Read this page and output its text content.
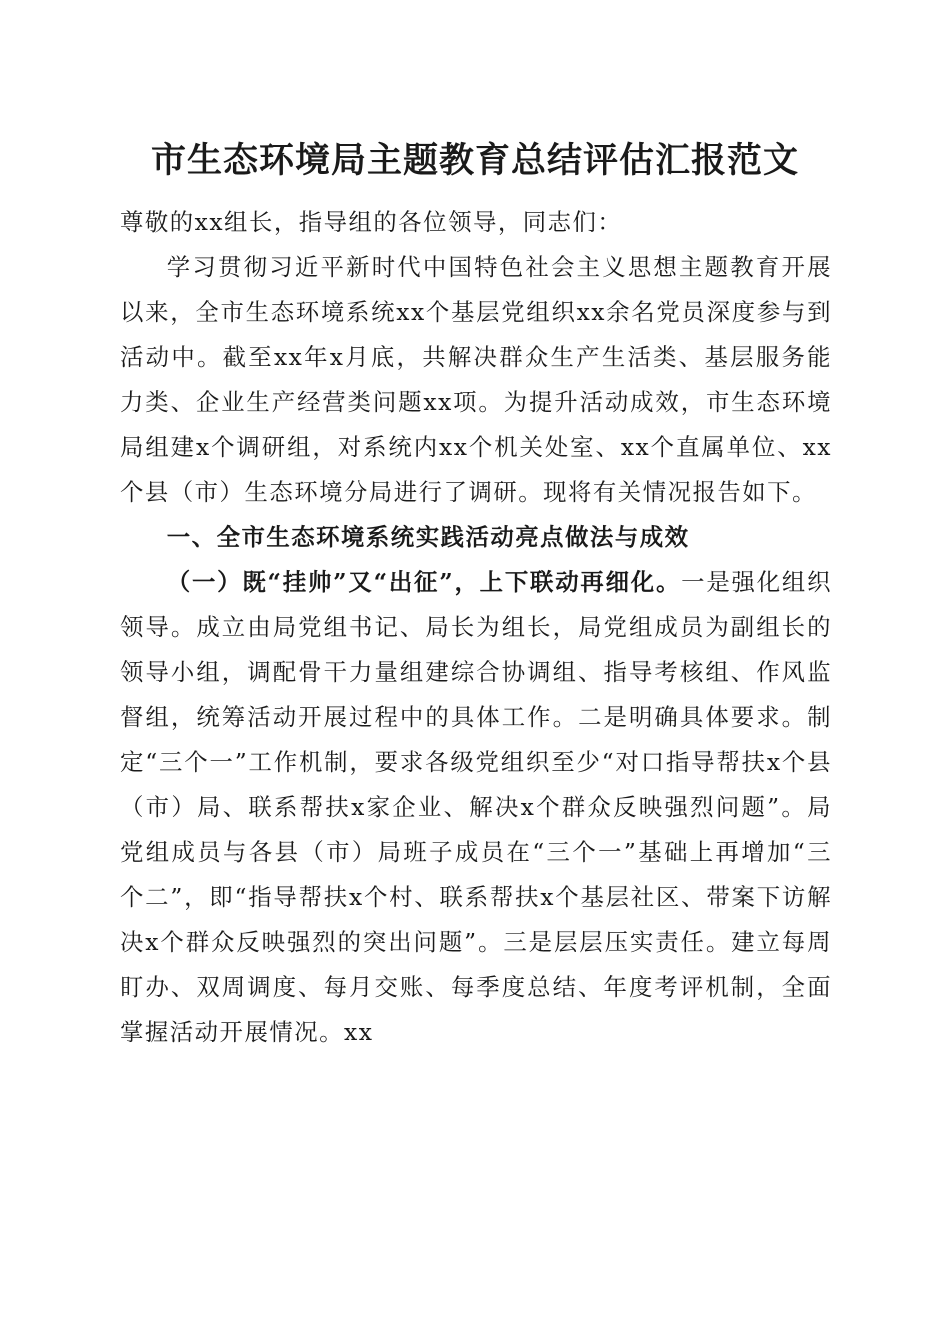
市生态环境局主题教育总结评估汇报范文

尊敬的xx组长，指导组的各位领导，同志们：

学习贯彻习近平新时代中国特色社会主义思想主题教育开展以来，全市生态环境系统xx个基层党组织xx余名党员深度参与到活动中。截至xx年x月底，共解决群众生产生活类、基层服务能力类、企业生产经营类问题xx项。为提升活动成效，市生态环境局组建x个调研组，对系统内xx个机关处室、xx个直属单位、xx个县（市）生态环境分局进行了调研。现将有关情况报告如下。

一、全市生态环境系统实践活动亮点做法与成效

（一）既“挂帅”又“出征”，上下联动再细化。一是强化组织领导。成立由局党组书记、局长为组长，局党组成员为副组长的领导小组，调配骨干力量组建综合协调组、指导考核组、作风监督组，统筹活动开展过程中的具体工作。二是明确具体要求。制定“三个一”工作机制，要求各级党组织至少“对口指导帮扶x个县（市）局、联系帮扶x家企业、解决x个群众反映强烈问题”。局党组成员与各县（市）局班子成员在“三个一”基础上再增加“三个二”，即“指导帮扶x个村、联系帮扶x个基层社区、带案下访解决x个群众反映强烈的突出问题”。三是层层压实责任。建立每周盯办、双周调度、每月交账、每季度总结、年度考评机制，全面掌握活动开展情况。xx
